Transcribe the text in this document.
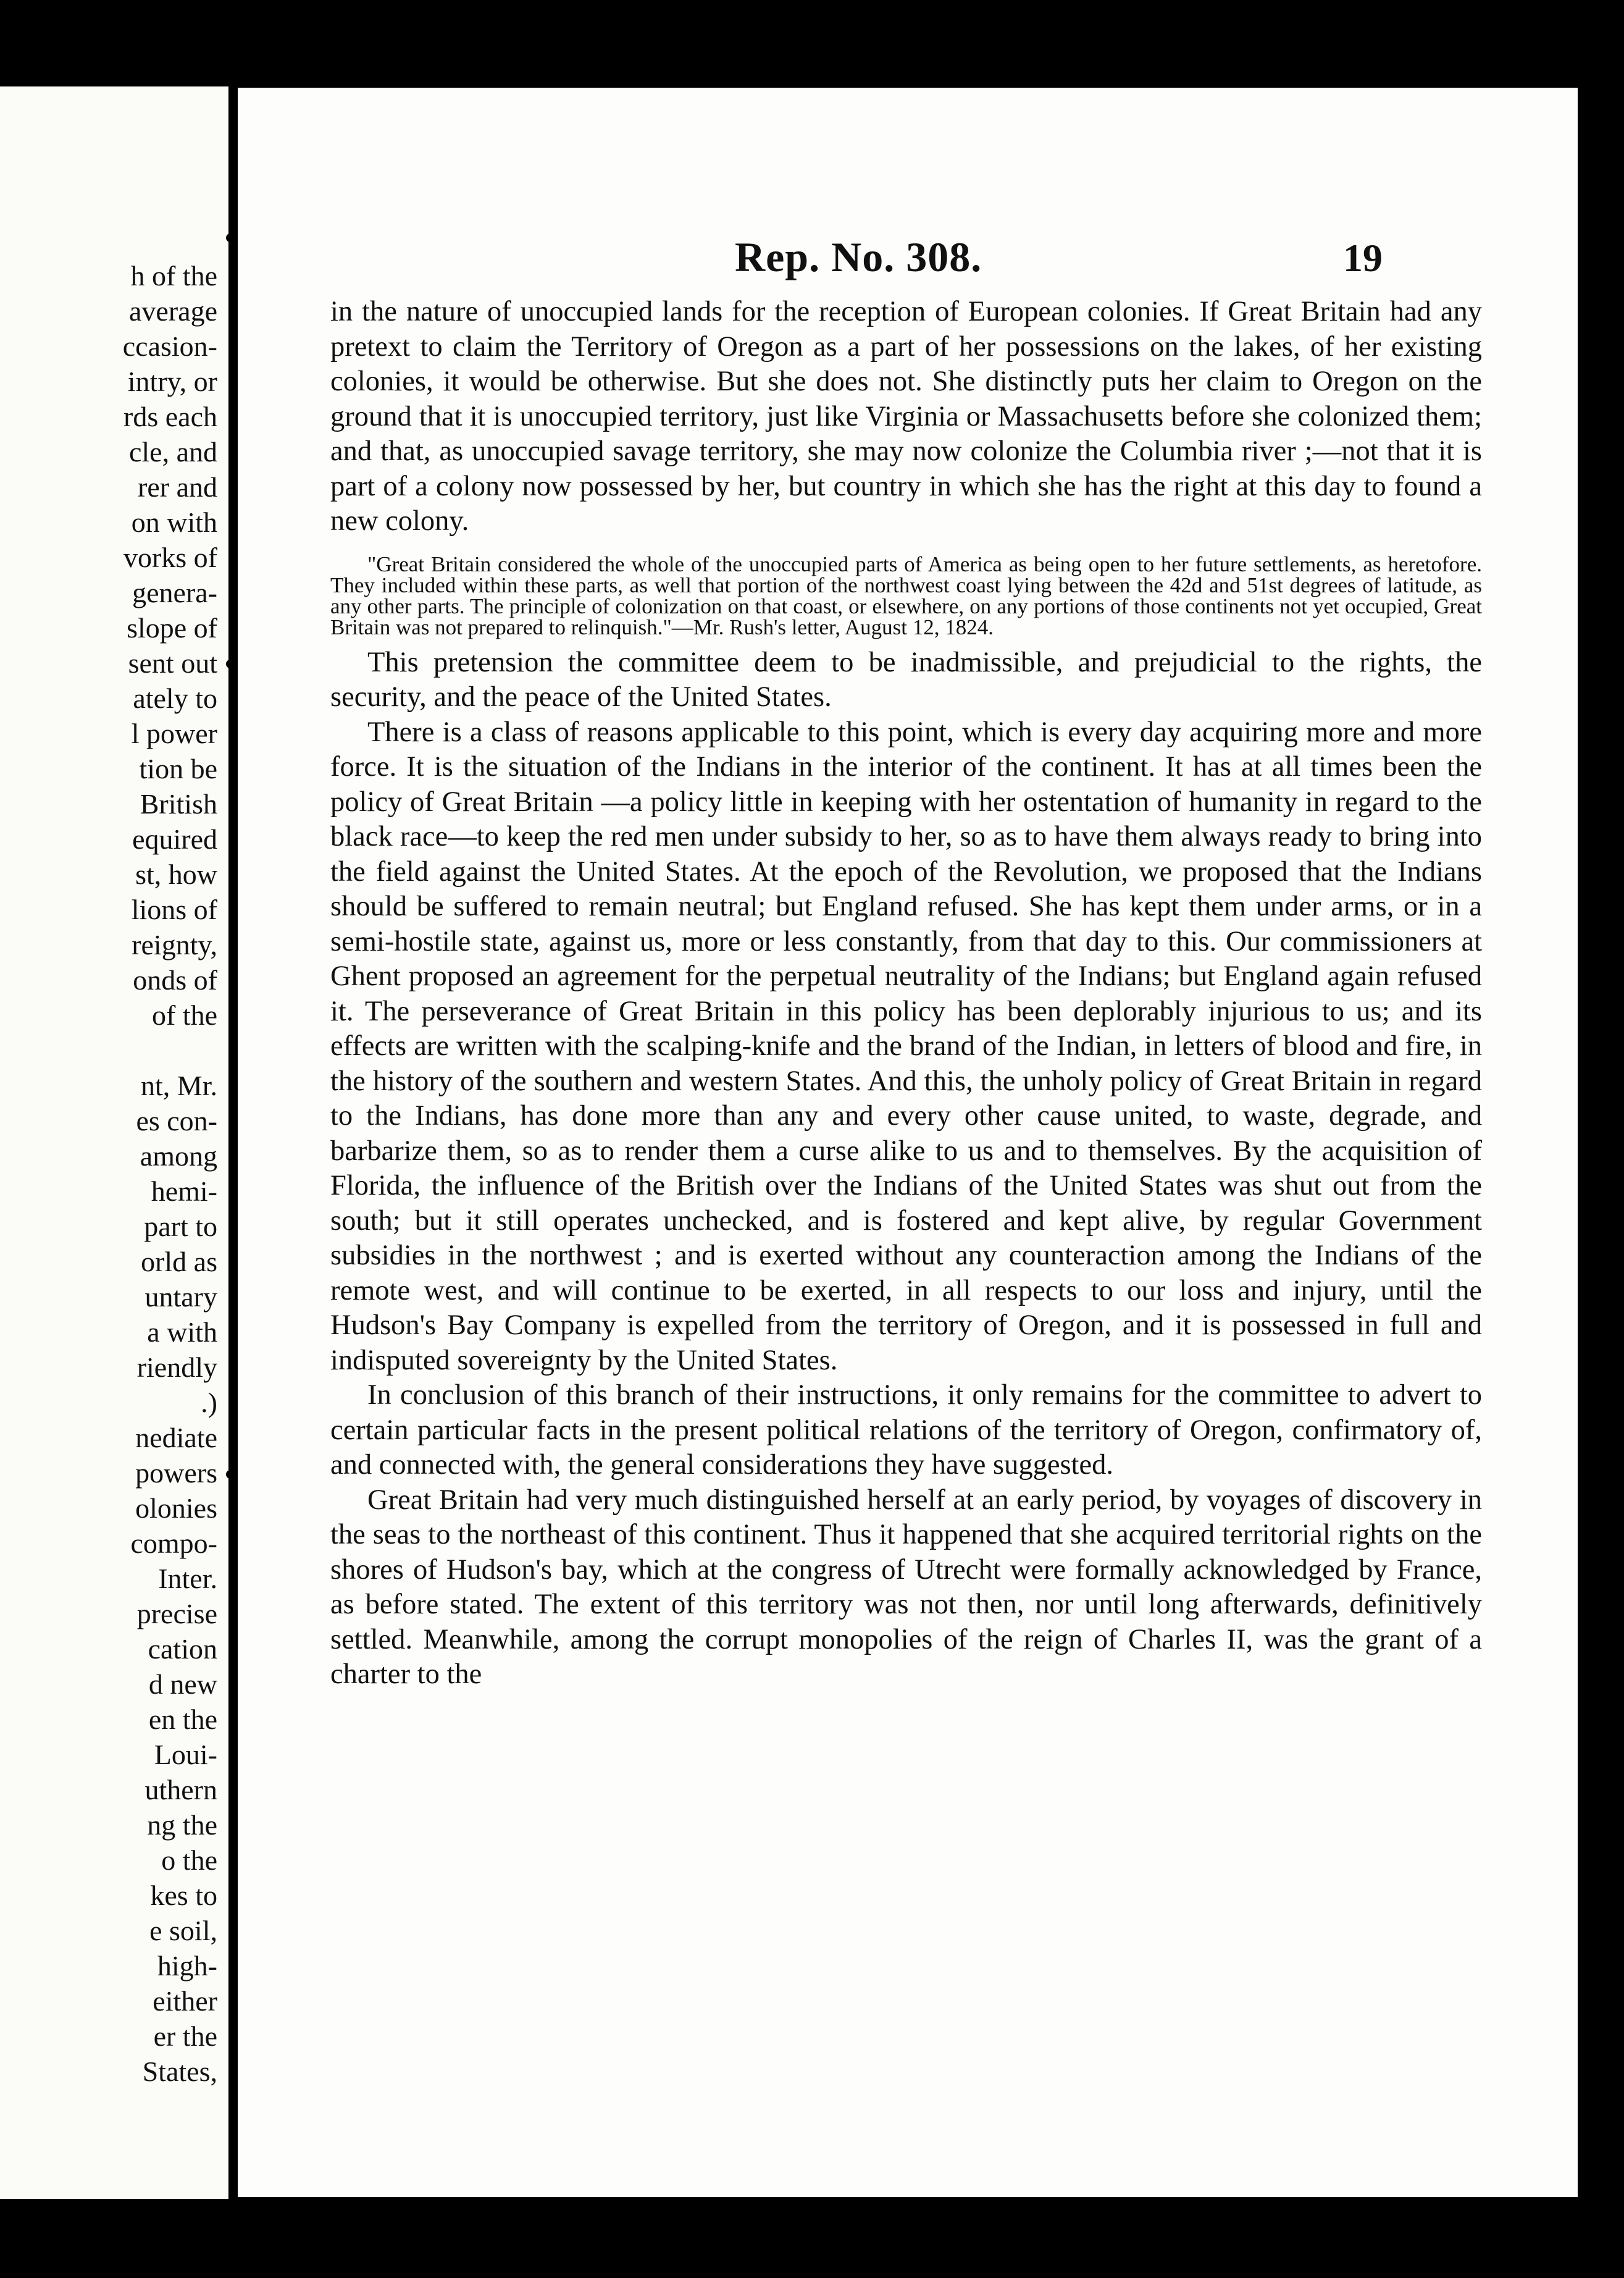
h of the
average
ccasion-
intry, or
rds each
cle, and
rer and
on with
vorks of
genera-
slope of
sent out
ately to
l power
tion be
British
equired
st, how
lions of
reignty,
onds of
of the

nt, Mr.
es con-
among
hemi-
part to
orld as
untary
a with
riendly
.)
nediate
powers
olonies
compo-
Inter.
precise
cation
d new
en the
Loui-
uthern
ng the
o the
kes to
e soil,
high-
either
er the
States,
Rep. No. 308.	19

in the nature of unoccupied lands for the reception of European colonies. If Great Britain had any pretext to claim the Territory of Oregon as a part of her possessions on the lakes, of her existing colonies, it would be otherwise. But she does not. She distinctly puts her claim to Oregon on the ground that it is unoccupied territory, just like Virginia or Massachusetts before she colonized them; and that, as unoccupied savage territory, she may now colonize the Columbia river ;—not that it is part of a colony now possessed by her, but country in which she has the right at this day to found a new colony.

"Great Britain considered the whole of the unoccupied parts of America as being open to her future settlements, as heretofore. They included within these parts, as well that portion of the northwest coast lying between the 42d and 51st degrees of latitude, as any other parts. The principle of colonization on that coast, or elsewhere, on any portions of those continents not yet occupied, Great Britain was not prepared to relinquish."—Mr. Rush's letter, August 12, 1824.

This pretension the committee deem to be inadmissible, and prejudicial to the rights, the security, and the peace of the United States.

There is a class of reasons applicable to this point, which is every day acquiring more and more force. It is the situation of the Indians in the interior of the continent. It has at all times been the policy of Great Britain —a policy little in keeping with her ostentation of humanity in regard to the black race—to keep the red men under subsidy to her, so as to have them always ready to bring into the field against the United States. At the epoch of the Revolution, we proposed that the Indians should be suffered to remain neutral; but England refused. She has kept them under arms, or in a semi-hostile state, against us, more or less constantly, from that day to this. Our commissioners at Ghent proposed an agreement for the perpetual neutrality of the Indians; but England again refused it. The perseverance of Great Britain in this policy has been deplorably injurious to us; and its effects are written with the scalping-knife and the brand of the Indian, in letters of blood and fire, in the history of the southern and western States. And this, the unholy policy of Great Britain in regard to the Indians, has done more than any and every other cause united, to waste, degrade, and barbarize them, so as to render them a curse alike to us and to themselves. By the acquisition of Florida, the influence of the British over the Indians of the United States was shut out from the south; but it still operates unchecked, and is fostered and kept alive, by regular Government subsidies in the northwest ; and is exerted without any counteraction among the Indians of the remote west, and will continue to be exerted, in all respects to our loss and injury, until the Hudson's Bay Company is expelled from the territory of Oregon, and it is possessed in full and indisputed sovereignty by the United States.

In conclusion of this branch of their instructions, it only remains for the committee to advert to certain particular facts in the present political relations of the territory of Oregon, confirmatory of, and connected with, the general considerations they have suggested.

Great Britain had very much distinguished herself at an early period, by voyages of discovery in the seas to the northeast of this continent. Thus it happened that she acquired territorial rights on the shores of Hudson's bay, which at the congress of Utrecht were formally acknowledged by France, as before stated. The extent of this territory was not then, nor until long afterwards, definitively settled. Meanwhile, among the corrupt monopolies of the reign of Charles II, was the grant of a charter to the
